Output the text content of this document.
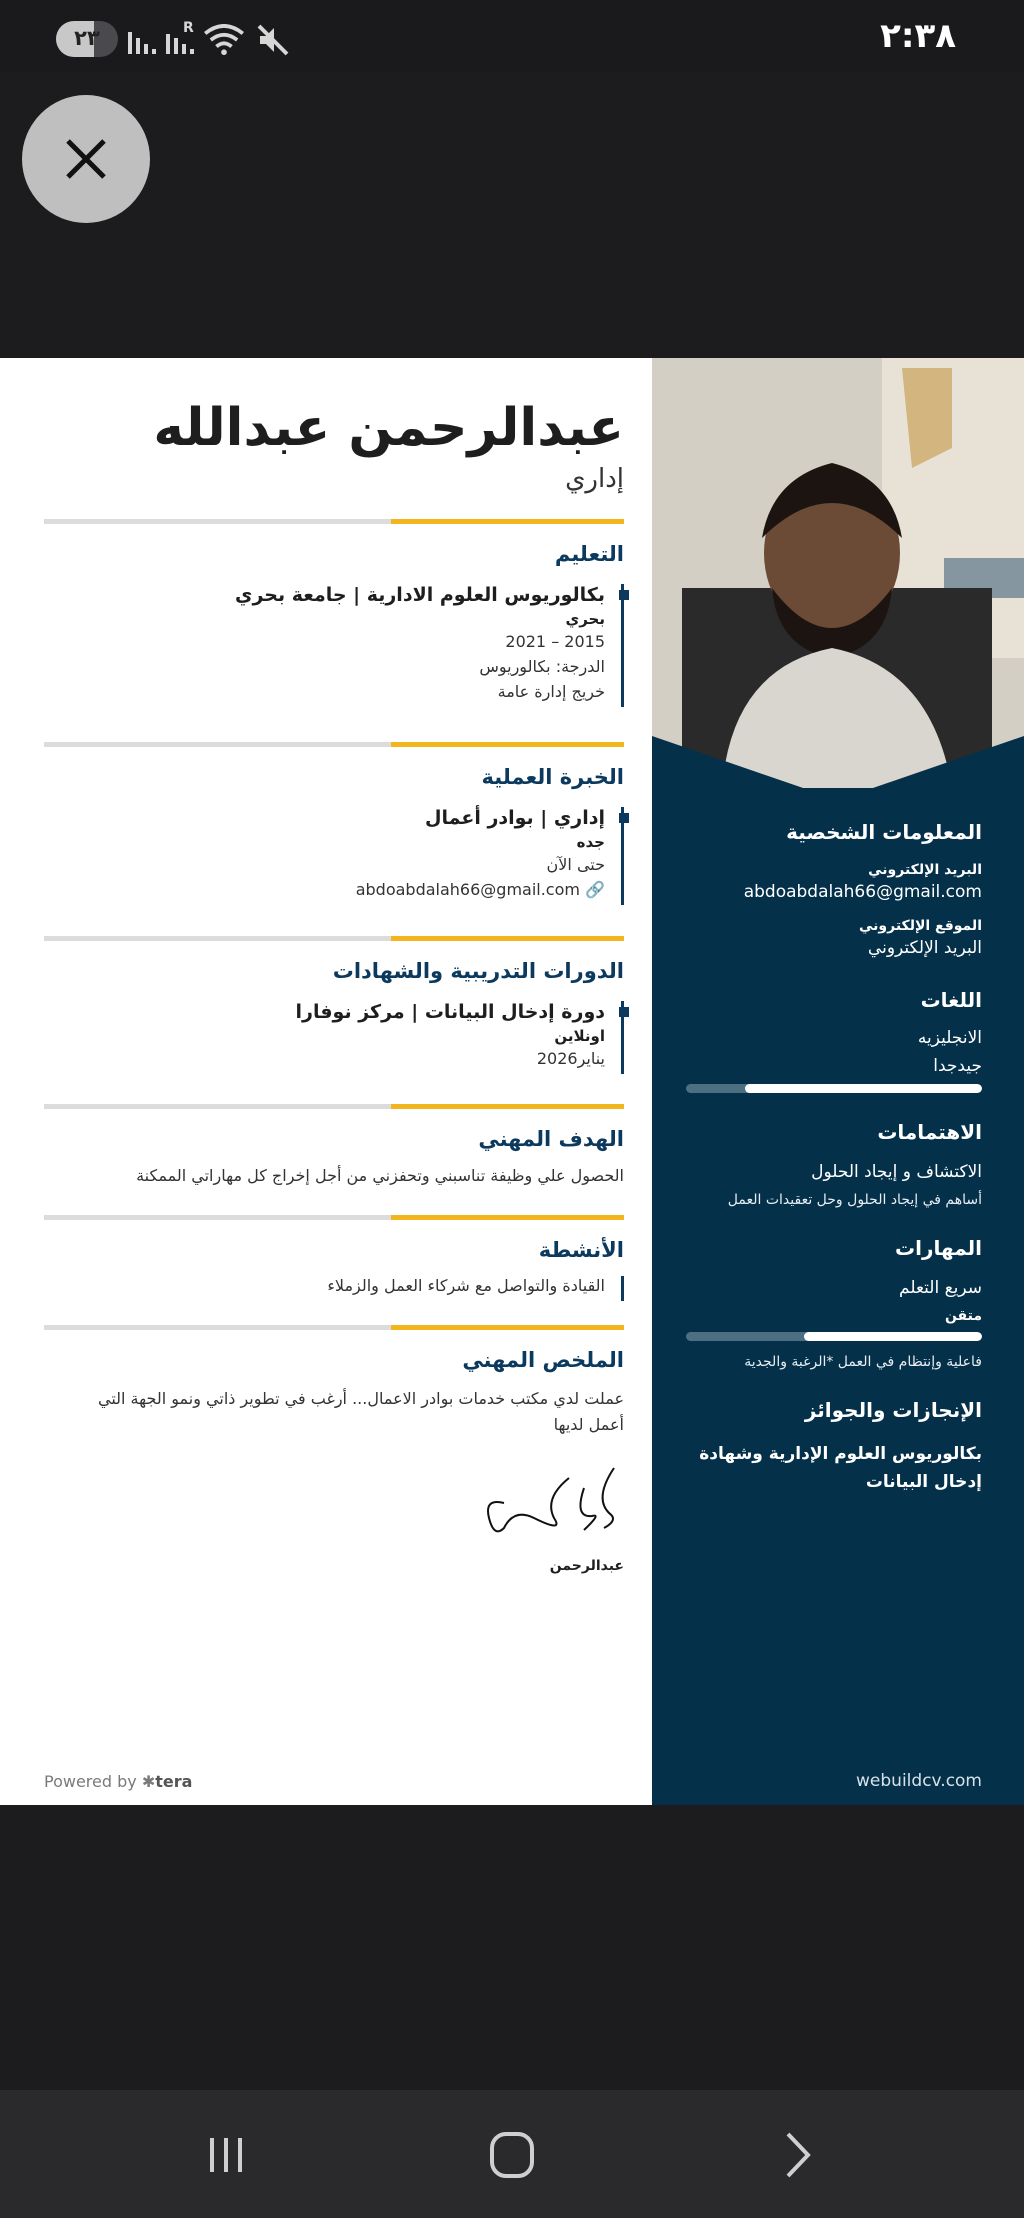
٢٣	R	٢:٣٨
عبدالرحمن عبدالله
إداري
التعليم
بكالوريوس العلوم الادارية | جامعة بحري
بحري
2015 – 2021
الدرجة: بكالوريوس
خريج إدارة عامة
الخبرة العملية
إداري | بوادر أعمال
جده
حتى الآن
abdoabdalah66@gmail.com 🔗
الدورات التدريبية والشهادات
دورة إدخال البيانات | مركز نوفارا
اونلاين
يناير2026
الهدف المهني
الحصول علي وظيفة تناسبني وتحفزني من أجل إخراج كل مهاراتي الممكنة
الأنشطة
القيادة والتواصل مع شركاء العمل والزملاء
الملخص المهني
عملت لدي مكتب خدمات بوادر الاعمال... أرغب في تطوير ذاتي ونمو الجهة التي أعمل لديها
عبدالرحمن
Powered by ✱tera
المعلومات الشخصية
البريد الإلكتروني
abdoabdalah66@gmail.com
الموقع الإلكتروني
البريد الإلكتروني
اللغات
الانجليزيه
جيدجدا
الاهتمامات
الاكتشاف و إيجاد الحلول
أساهم في إيجاد الحلول وحل تعقيدات العمل
المهارات
سريع التعلم
متقن
فاعلية وإنتظام في العمل *الرغبة والجدية
الإنجازات والجوائز
بكالوريوس العلوم الإدارية وشهادة إدخال البيانات
webuildcv.com
